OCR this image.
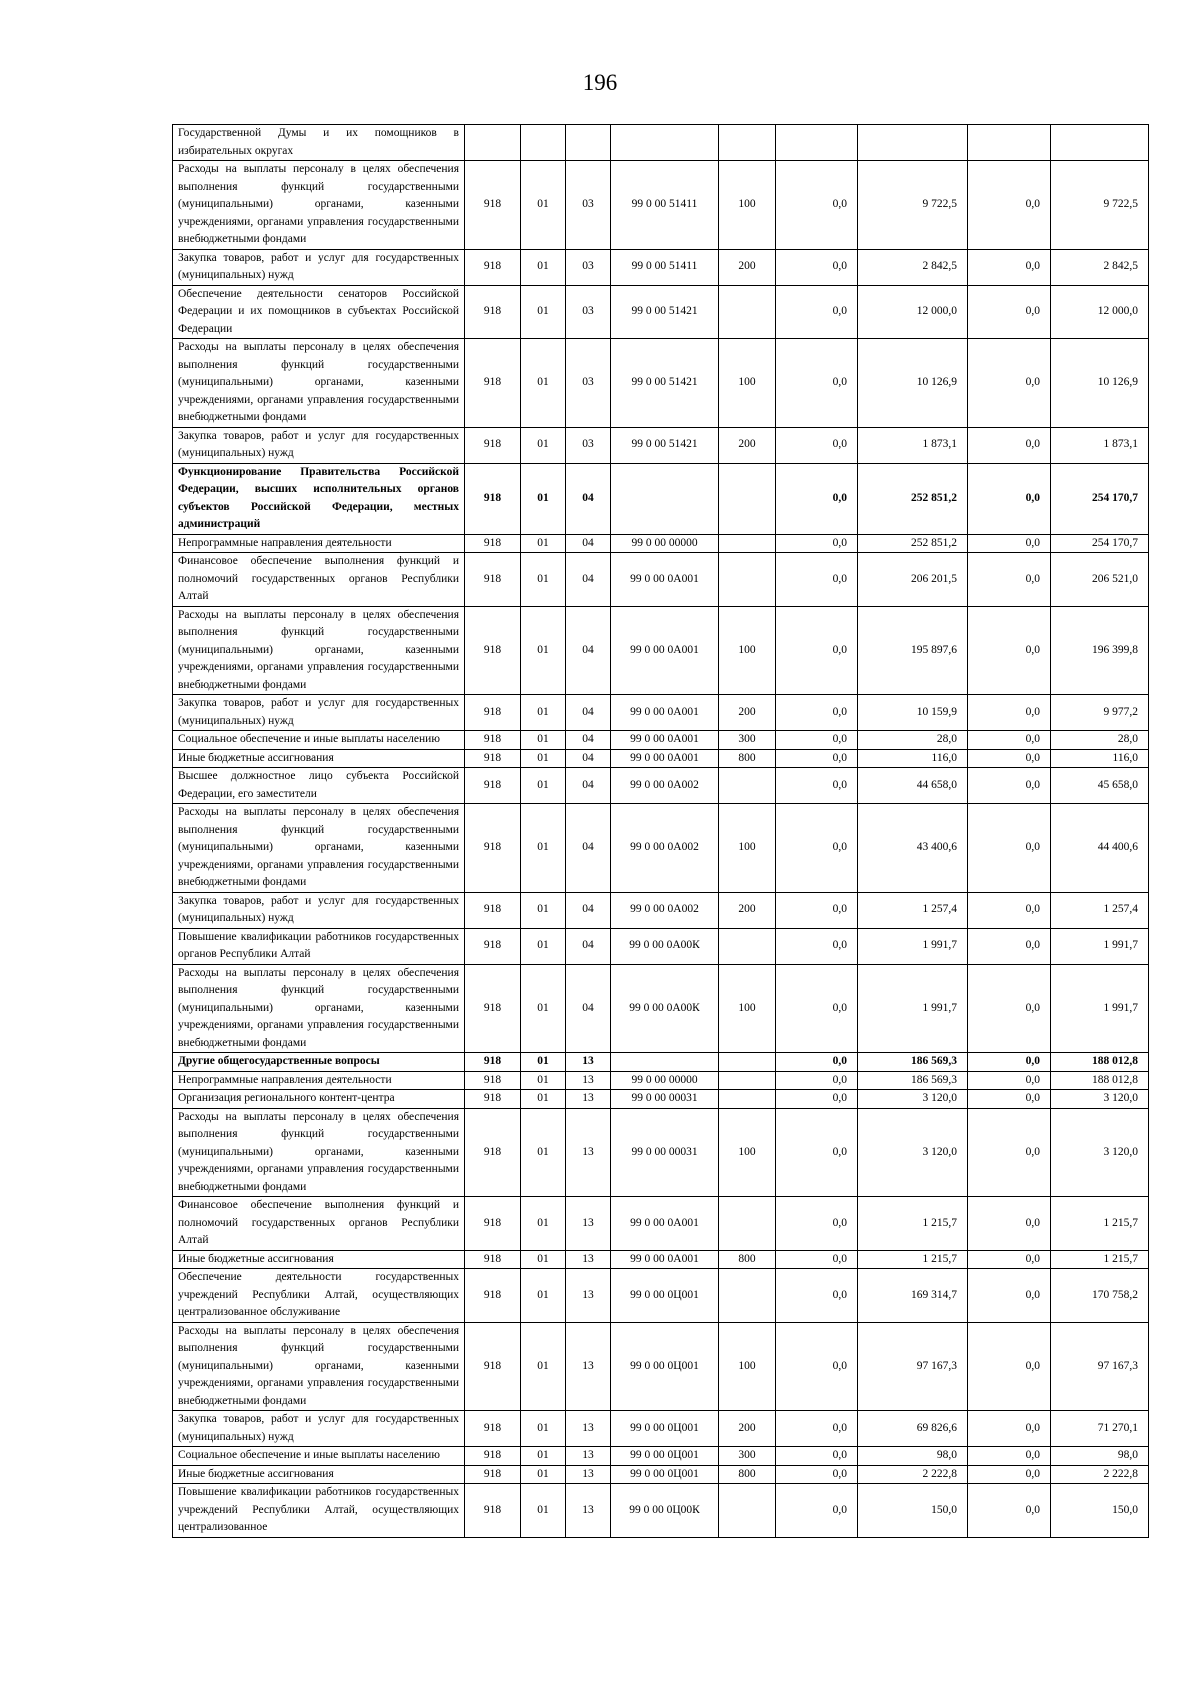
196
Государственной Думы и их помощников в избирательных округах									
Расходы на выплаты персоналу в целях обеспечения выполнения функций государственными (муниципальными) органами, казенными учреждениями, органами управления государственными внебюджетными фондами	918	01	03	99 0 00 51411	100	0,0	9 722,5	0,0	9 722,5
Закупка товаров, работ и услуг для государственных (муниципальных) нужд	918	01	03	99 0 00 51411	200	0,0	2 842,5	0,0	2 842,5
Обеспечение деятельности сенаторов Российской Федерации и их помощников в субъектах Российской Федерации	918	01	03	99 0 00 51421		0,0	12 000,0	0,0	12 000,0
Расходы на выплаты персоналу в целях обеспечения выполнения функций государственными (муниципальными) органами, казенными учреждениями, органами управления государственными внебюджетными фондами	918	01	03	99 0 00 51421	100	0,0	10 126,9	0,0	10 126,9
Закупка товаров, работ и услуг для государственных (муниципальных) нужд	918	01	03	99 0 00 51421	200	0,0	1 873,1	0,0	1 873,1
Функционирование Правительства Российской Федерации, высших исполнительных органов субъектов Российской Федерации, местных администраций	918	01	04			0,0	252 851,2	0,0	254 170,7
Непрограммные направления деятельности	918	01	04	99 0 00 00000		0,0	252 851,2	0,0	254 170,7
Финансовое обеспечение выполнения функций и полномочий государственных органов Республики Алтай	918	01	04	99 0 00 0А001		0,0	206 201,5	0,0	206 521,0
Расходы на выплаты персоналу в целях обеспечения выполнения функций государственными (муниципальными) органами, казенными учреждениями, органами управления государственными внебюджетными фондами	918	01	04	99 0 00 0А001	100	0,0	195 897,6	0,0	196 399,8
Закупка товаров, работ и услуг для государственных (муниципальных) нужд	918	01	04	99 0 00 0А001	200	0,0	10 159,9	0,0	9 977,2
Социальное обеспечение и иные выплаты населению	918	01	04	99 0 00 0А001	300	0,0	28,0	0,0	28,0
Иные бюджетные ассигнования	918	01	04	99 0 00 0А001	800	0,0	116,0	0,0	116,0
Высшее должностное лицо субъекта Российской Федерации, его заместители	918	01	04	99 0 00 0А002		0,0	44 658,0	0,0	45 658,0
Расходы на выплаты персоналу в целях обеспечения выполнения функций государственными (муниципальными) органами, казенными учреждениями, органами управления государственными внебюджетными фондами	918	01	04	99 0 00 0А002	100	0,0	43 400,6	0,0	44 400,6
Закупка товаров, работ и услуг для государственных (муниципальных) нужд	918	01	04	99 0 00 0А002	200	0,0	1 257,4	0,0	1 257,4
Повышение квалификации работников государственных органов Республики Алтай	918	01	04	99 0 00 0А00К		0,0	1 991,7	0,0	1 991,7
Расходы на выплаты персоналу в целях обеспечения выполнения функций государственными (муниципальными) органами, казенными учреждениями, органами управления государственными внебюджетными фондами	918	01	04	99 0 00 0А00К	100	0,0	1 991,7	0,0	1 991,7
Другие общегосударственные вопросы	918	01	13			0,0	186 569,3	0,0	188 012,8
Непрограммные направления деятельности	918	01	13	99 0 00 00000		0,0	186 569,3	0,0	188 012,8
Организация регионального контент-центра	918	01	13	99 0 00 00031		0,0	3 120,0	0,0	3 120,0
Расходы на выплаты персоналу в целях обеспечения выполнения функций государственными (муниципальными) органами, казенными учреждениями, органами управления государственными внебюджетными фондами	918	01	13	99 0 00 00031	100	0,0	3 120,0	0,0	3 120,0
Финансовое обеспечение выполнения функций и полномочий государственных органов Республики Алтай	918	01	13	99 0 00 0А001		0,0	1 215,7	0,0	1 215,7
Иные бюджетные ассигнования	918	01	13	99 0 00 0А001	800	0,0	1 215,7	0,0	1 215,7
Обеспечение деятельности государственных учреждений Республики Алтай, осуществляющих централизованное обслуживание	918	01	13	99 0 00 0Ц001		0,0	169 314,7	0,0	170 758,2
Расходы на выплаты персоналу в целях обеспечения выполнения функций государственными (муниципальными) органами, казенными учреждениями, органами управления государственными внебюджетными фондами	918	01	13	99 0 00 0Ц001	100	0,0	97 167,3	0,0	97 167,3
Закупка товаров, работ и услуг для государственных (муниципальных) нужд	918	01	13	99 0 00 0Ц001	200	0,0	69 826,6	0,0	71 270,1
Социальное обеспечение и иные выплаты населению	918	01	13	99 0 00 0Ц001	300	0,0	98,0	0,0	98,0
Иные бюджетные ассигнования	918	01	13	99 0 00 0Ц001	800	0,0	2 222,8	0,0	2 222,8
Повышение квалификации работников государственных учреждений Республики Алтай, осуществляющих централизованное	918	01	13	99 0 00 0Ц00К		0,0	150,0	0,0	150,0
